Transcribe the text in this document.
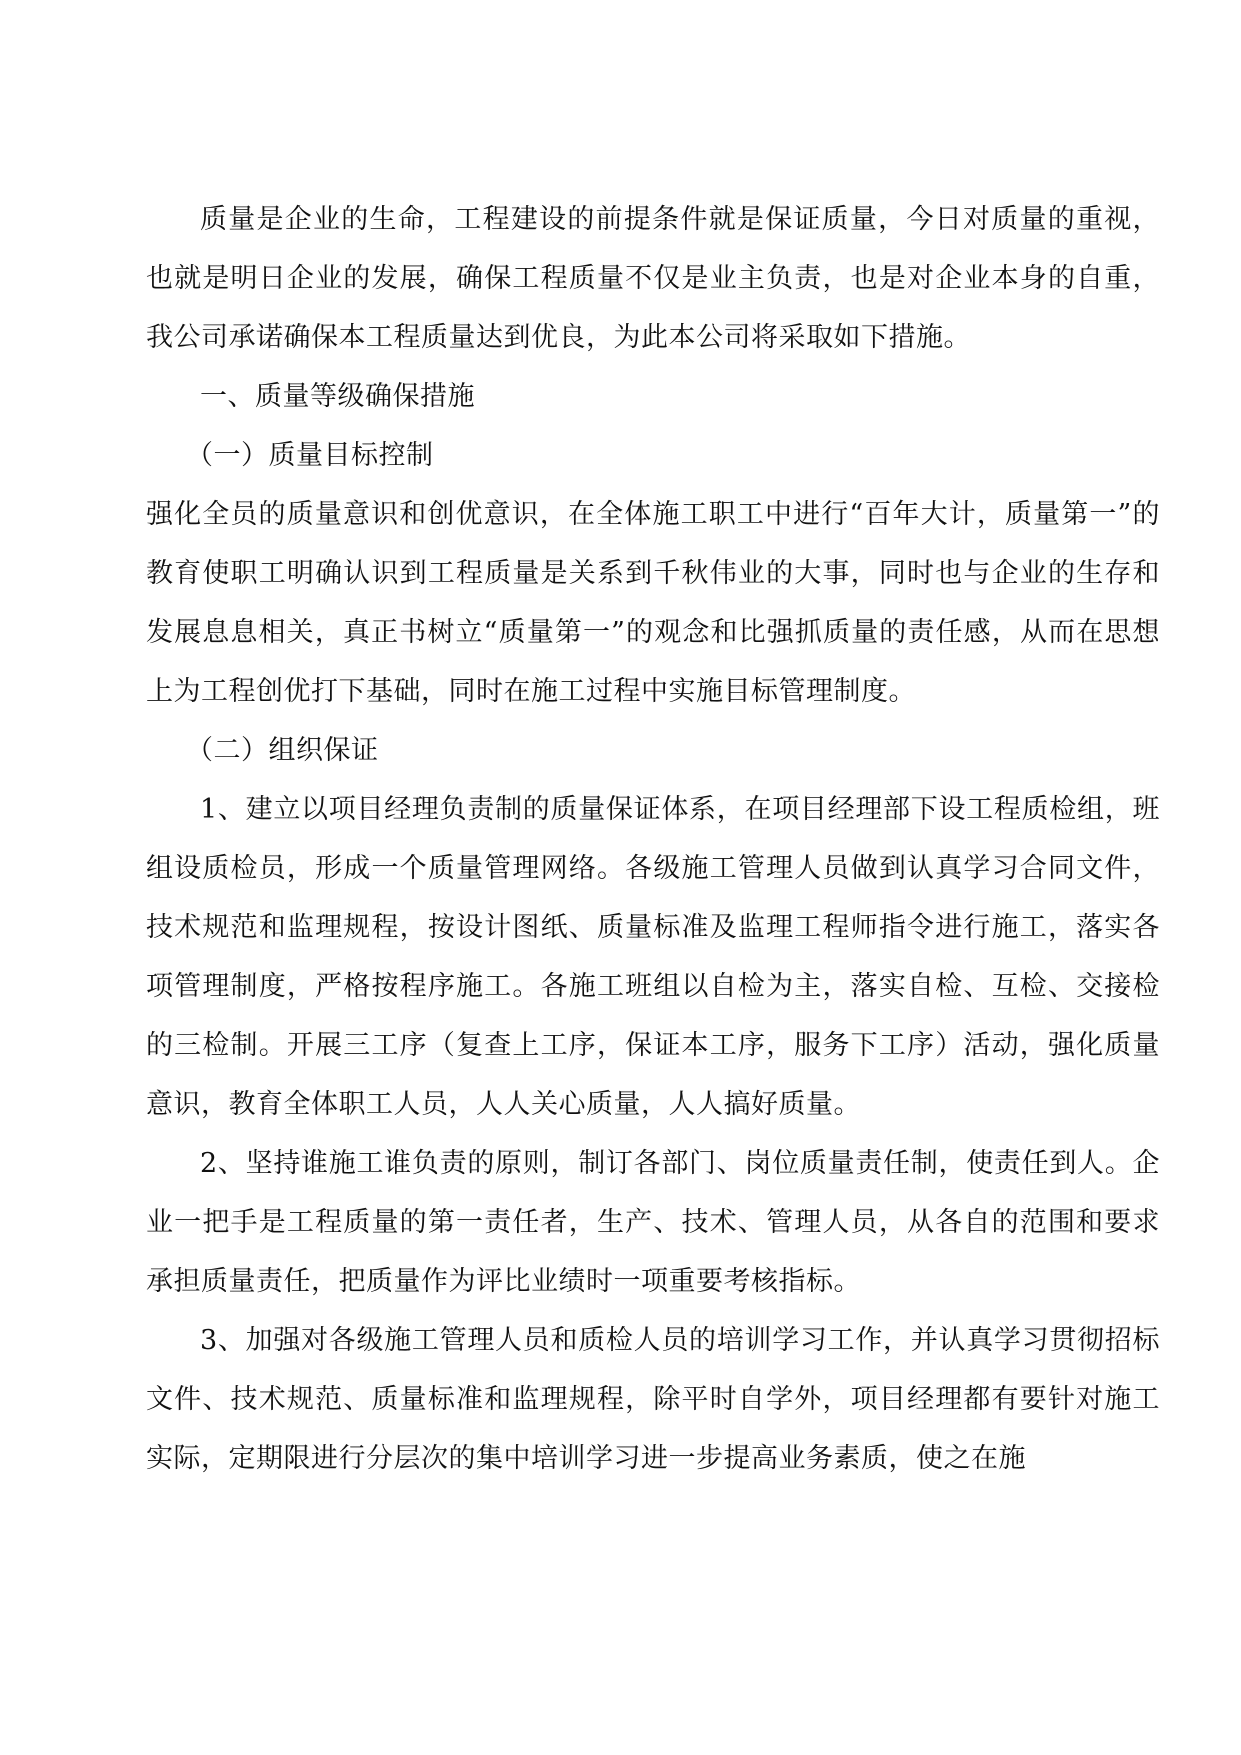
质量是企业的生命，工程建设的前提条件就是保证质量，今日对质量的重视，也就是明日企业的发展，确保工程质量不仅是业主负责，也是对企业本身的自重，我公司承诺确保本工程质量达到优良，为此本公司将采取如下措施。

一、质量等级确保措施

（一）质量目标控制

强化全员的质量意识和创优意识，在全体施工职工中进行“百年大计，质量第一”的教育使职工明确认识到工程质量是关系到千秋伟业的大事，同时也与企业的生存和发展息息相关，真正书树立“质量第一”的观念和比强抓质量的责任感，从而在思想上为工程创优打下基础，同时在施工过程中实施目标管理制度。

（二）组织保证

1、建立以项目经理负责制的质量保证体系，在项目经理部下设工程质检组，班组设质检员，形成一个质量管理网络。各级施工管理人员做到认真学习合同文件，技术规范和监理规程，按设计图纸、质量标准及监理工程师指令进行施工，落实各项管理制度，严格按程序施工。各施工班组以自检为主，落实自检、互检、交接检的三检制。开展三工序（复查上工序，保证本工序，服务下工序）活动，强化质量意识，教育全体职工人员，人人关心质量，人人搞好质量。

2、坚持谁施工谁负责的原则，制订各部门、岗位质量责任制，使责任到人。企业一把手是工程质量的第一责任者，生产、技术、管理人员，从各自的范围和要求承担质量责任，把质量作为评比业绩时一项重要考核指标。

3、加强对各级施工管理人员和质检人员的培训学习工作，并认真学习贯彻招标文件、技术规范、质量标准和监理规程，除平时自学外，项目经理都有要针对施工实际，定期限进行分层次的集中培训学习进一步提高业务素质，使之在施
